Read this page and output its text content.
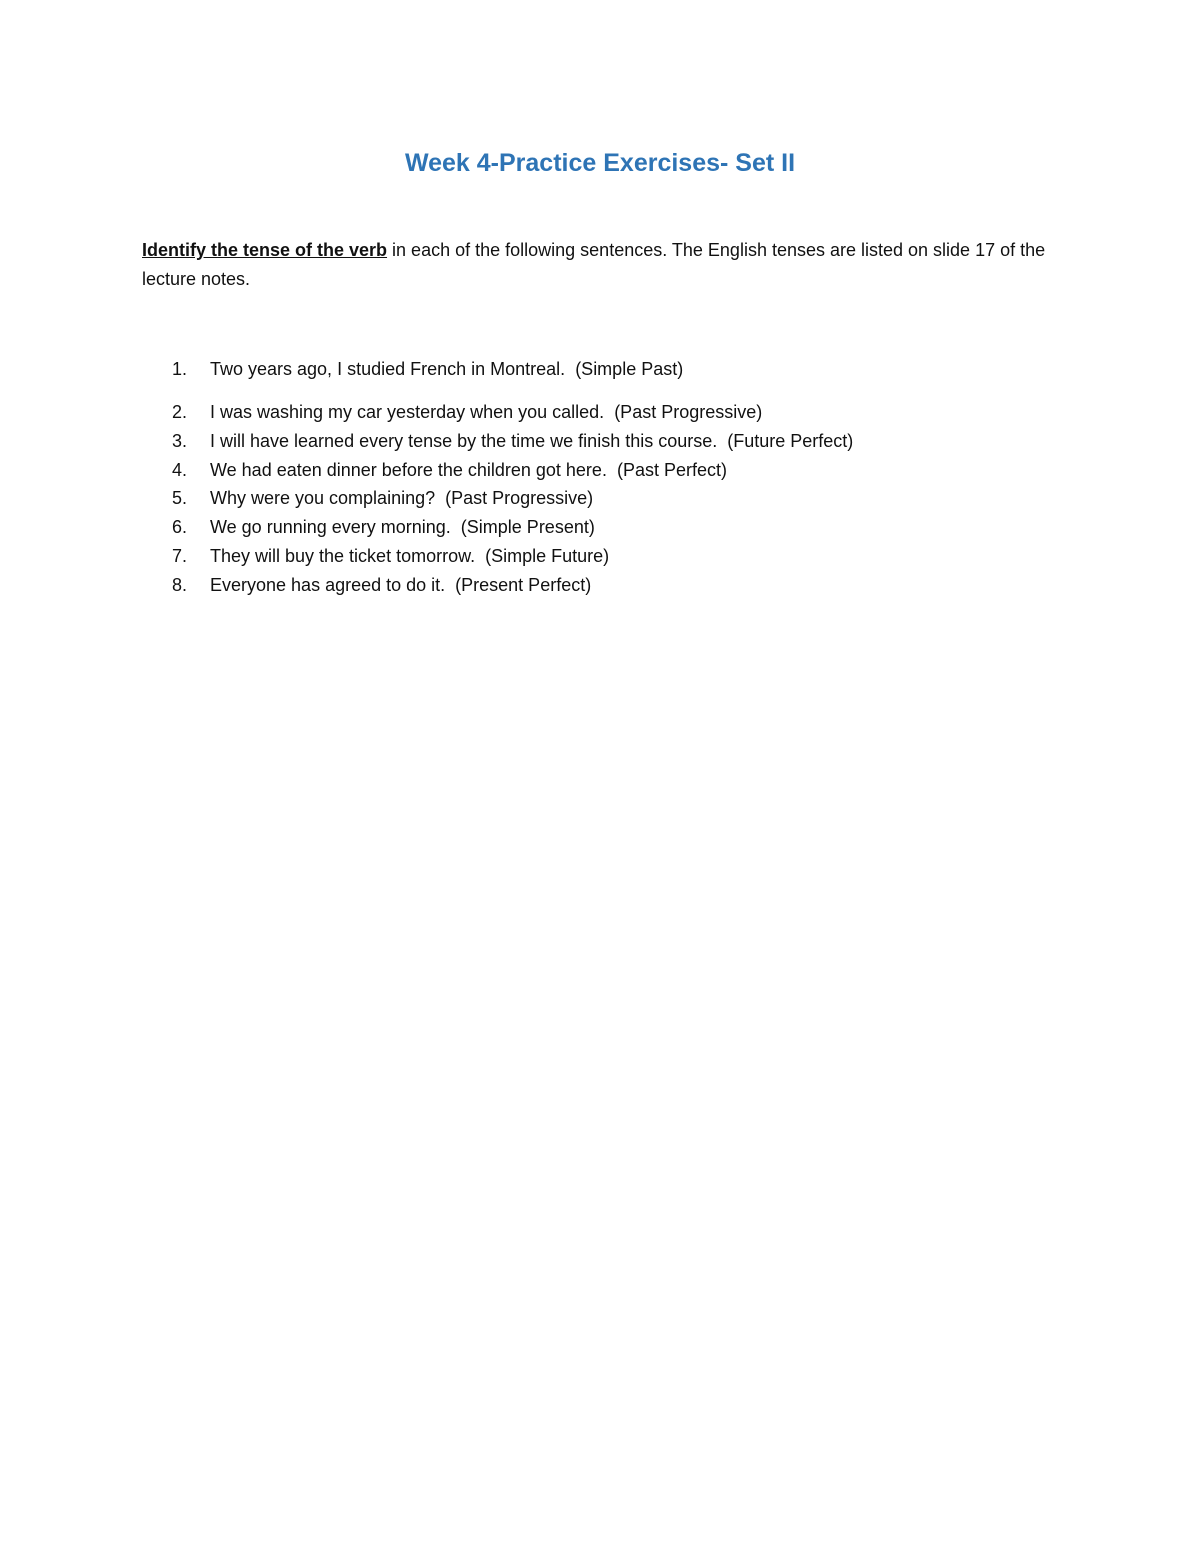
Week 4-Practice Exercises- Set II
Identify the tense of the verb in each of the following sentences. The English tenses are listed on slide 17 of the lecture notes.
1.	Two years ago, I studied French in Montreal. (Simple Past)
2.	I was washing my car yesterday when you called. (Past Progressive)
3.	I will have learned every tense by the time we finish this course. (Future Perfect)
4.	We had eaten dinner before the children got here. (Past Perfect)
5.	Why were you complaining? (Past Progressive)
6.	We go running every morning. (Simple Present)
7.	They will buy the ticket tomorrow. (Simple Future)
8.	Everyone has agreed to do it. (Present Perfect)
